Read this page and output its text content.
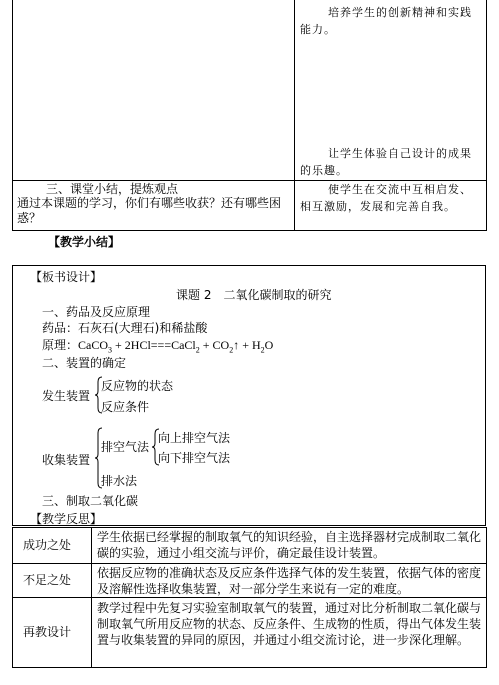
培养学生的创新精神和实践能力。
让学生体验自己设计的成果的乐趣。
三、课堂小结，提炼观点
通过本课题的学习，你们有哪些收获？还有哪些困惑？
使学生在交流中互相启发、相互激励，发展和完善自我。
【教学小结】
【板书设计】
课题 2　二氧化碳制取的研究
一、药品及反应原理
药品：石灰石(大理石)和稀盐酸
原理：CaCO$_3$ + 2HCl===CaCl$_2$ + $CO_2↑ + H_2O$
二、装置的确定
发生装置
反应物的状态
反应条件
收集装置
排空气法
向上排空气法
向下排空气法
排水法
三、制取二氧化碳
【教学反思】
成功之处
学生依据已经掌握的制取氧气的知识经验，自主选择器材完成制取二氧化碳的实验，通过小组交流与评价，确定最佳设计装置。
不足之处 依据反应物的准确状态及反应条件选择气体的发生装置，依据气体的密度及溶解性选择收集装置，对一部分学生来说有一定的难度。
再教设计
教学过程中先复习实验室制取氧气的装置，通过对比分析制取二氧化碳与制取氧气所用反应物的状态、反应条件、生成物的性质，得出气体发生装置与收集装置的异同的原因，并通过小组交流讨论，进一步深化理解。
